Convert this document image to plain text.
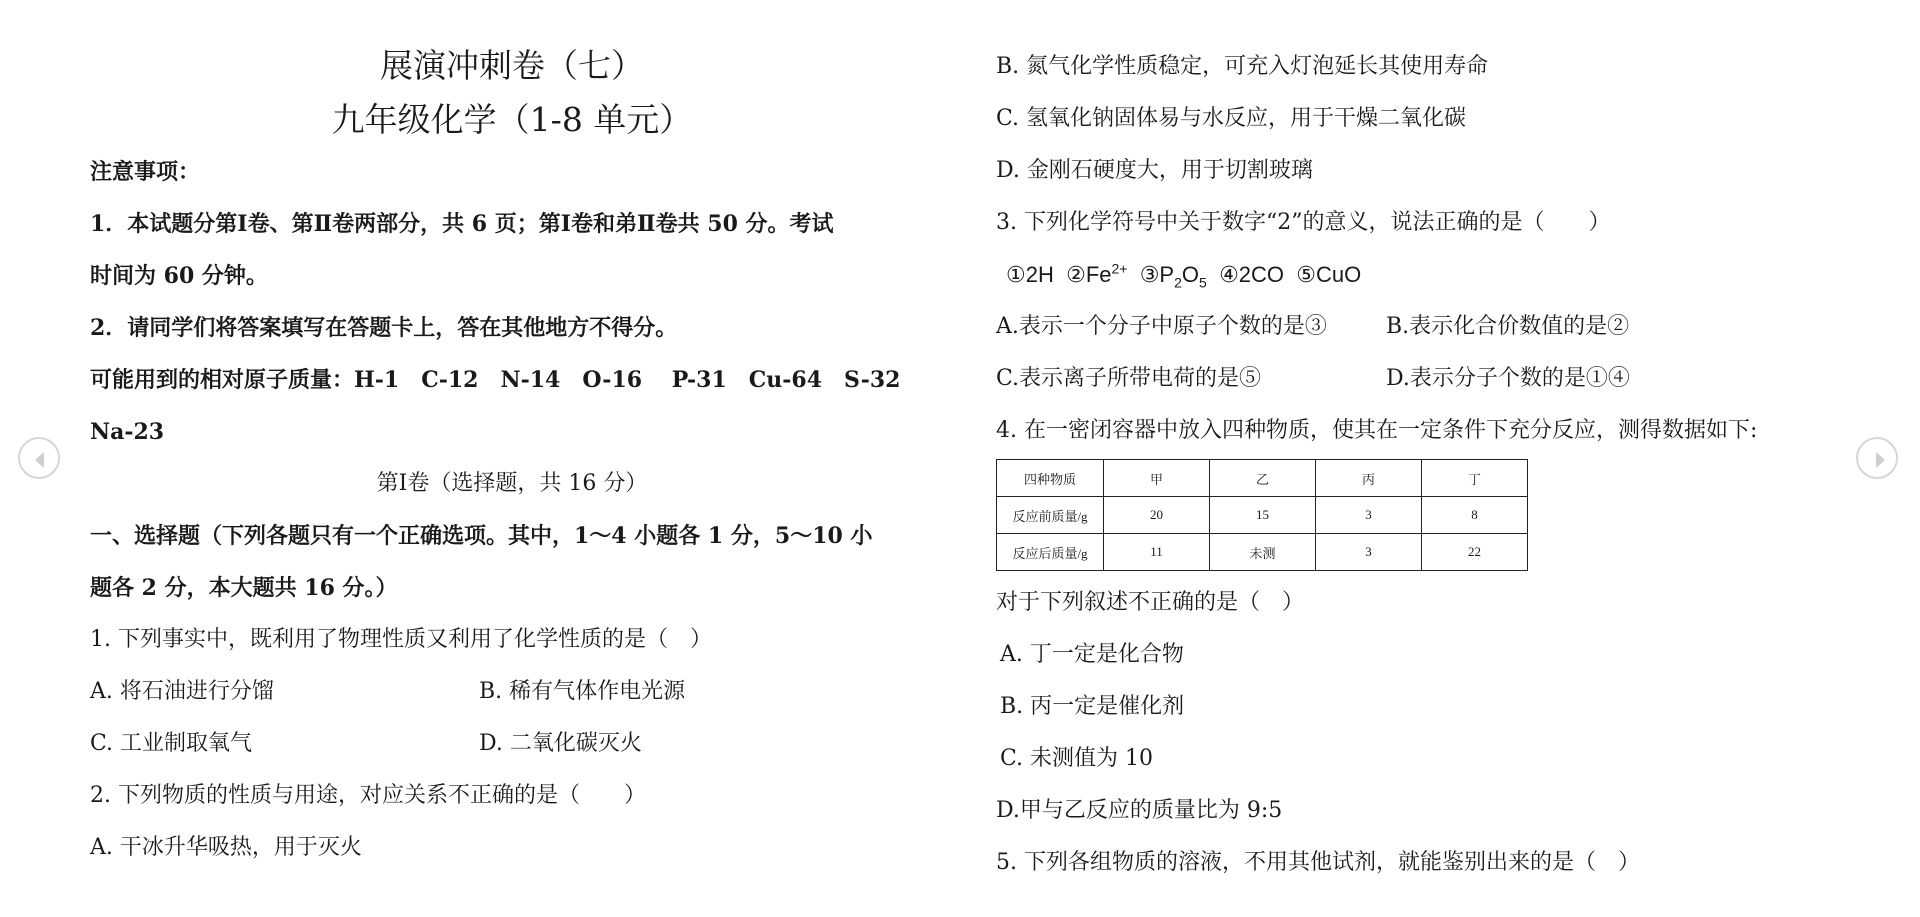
展演冲刺卷（七）
九年级化学（1-8 单元）
注意事项：
1．本试题分第Ⅰ卷、第Ⅱ卷两部分，共 6 页；第Ⅰ卷和弟Ⅱ卷共 50 分。考试
时间为 60 分钟。
2．请同学们将答案填写在答题卡上，答在其他地方不得分。
可能用到的相对原子质量：H-1　C-12　N-14　O-16　 P-31　Cu-64　S-32
Na-23
第Ⅰ卷（选择题，共 16 分）
一、选择题（下列各题只有一个正确选项。其中，1～4 小题各 1 分，5～10 小
题各 2 分，本大题共 16 分。）
1. 下列事实中，既利用了物理性质又利用了化学性质的是（　）
A. 将石油进行分馏	B. 稀有气体作电光源
C. 工业制取氧气	D. 二氧化碳灭火
2. 下列物质的性质与用途，对应关系不正确的是（　　）
A. 干冰升华吸热，用于灭火
B. 氮气化学性质稳定，可充入灯泡延长其使用寿命
C. 氢氧化钠固体易与水反应，用于干燥二氧化碳
D. 金刚石硬度大，用于切割玻璃
3. 下列化学符号中关于数字“2”的意义，说法正确的是（　　）
①2H $②Fe^{2+}$ $③P_2O_5$ ④2CO ⑤CuO
A.表示一个分子中原子个数的是③	B.表示化合价数值的是②
C.表示离子所带电荷的是⑤	D.表示分子个数的是①④
4. 在一密闭容器中放入四种物质，使其在一定条件下充分反应，测得数据如下:
四种物质	甲	乙	丙	丁
反应前质量/g	20	15	3	8
反应后质量/g	11	未测	3	22
对于下列叙述不正确的是（　）
A. 丁一定是化合物
B. 丙一定是催化剂
C. 未测值为 10
D.甲与乙反应的质量比为 9:5
5. 下列各组物质的溶液，不用其他试剂，就能鉴别出来的是（　）
